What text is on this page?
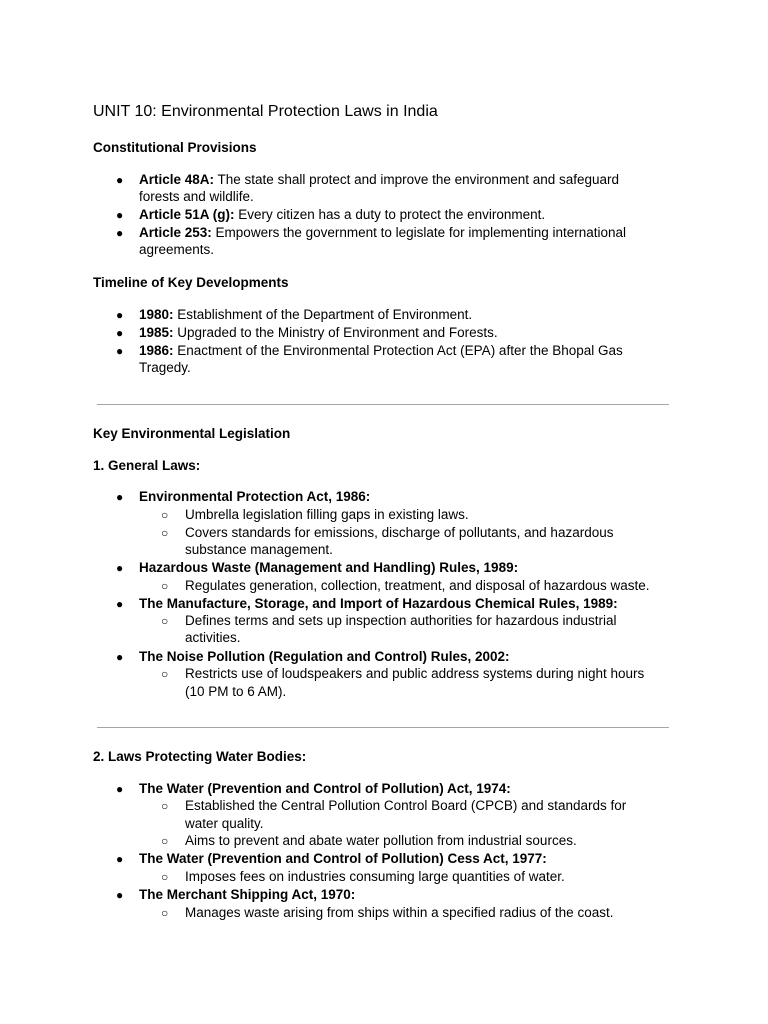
UNIT 10: Environmental Protection Laws in India
Constitutional Provisions
● Article 48A: The state shall protect and improve the environment and safeguard
forests and wildlife.
● Article 51A (g): Every citizen has a duty to protect the environment.
● Article 253: Empowers the government to legislate for implementing international
agreements.
Timeline of Key Developments
● 1980: Establishment of the Department of Environment.
● 1985: Upgraded to the Ministry of Environment and Forests.
● 1986: Enactment of the Environmental Protection Act (EPA) after the Bhopal Gas
Tragedy.
Key Environmental Legislation
1. General Laws:
● Environmental Protection Act, 1986:
○ Umbrella legislation filling gaps in existing laws.
○ Covers standards for emissions, discharge of pollutants, and hazardous
substance management.
● Hazardous Waste (Management and Handling) Rules, 1989:
○ Regulates generation, collection, treatment, and disposal of hazardous waste.
● The Manufacture, Storage, and Import of Hazardous Chemical Rules, 1989:
○ Defines terms and sets up inspection authorities for hazardous industrial
activities.
● The Noise Pollution (Regulation and Control) Rules, 2002:
○ Restricts use of loudspeakers and public address systems during night hours
(10 PM to 6 AM).
2. Laws Protecting Water Bodies:
● The Water (Prevention and Control of Pollution) Act, 1974:
○ Established the Central Pollution Control Board (CPCB) and standards for
water quality.
○ Aims to prevent and abate water pollution from industrial sources.
● The Water (Prevention and Control of Pollution) Cess Act, 1977:
○ Imposes fees on industries consuming large quantities of water.
● The Merchant Shipping Act, 1970:
○ Manages waste arising from ships within a specified radius of the coast.
